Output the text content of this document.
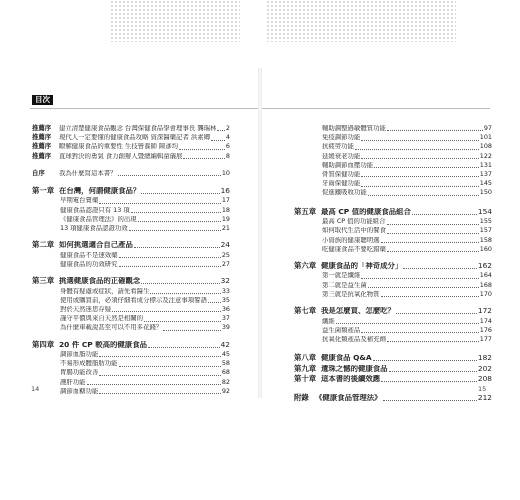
目次
推薦序	建立清楚健康食品觀念 台灣保健食品學會理事長 龔瑞林 2
推薦序	現代人一定要懂的健康食品攻略 資深醫藥記者 洪素卿 4
推薦序	瞭解健康食品的重要性 生技營養師 陳彥均	6
推薦序	直球對決的勇氣 食力創辦人暨總編輯童儀展	8
自序	我為什麼寫這本書？	10
第一章 在台灣，何謂健康食品？	16
早期電台賣藥	17
健康食品認證只有 13 項	18
《健康食品管理法》的出現	19
13 項健康食品認證功效	21
第二章 如何挑選適合自己產品	24
健康食品不是速效藥	25
健康食品的功效研究	27
第三章 挑選健康食品的正確觀念	32
身體有疑慮或症狀，請先看醫生	33
使用或購買前，必須仔細看成分標示及注意事項警語 35
對於天然迷思存疑	36
謹守平價與來自天然是相關的	37
為什麼車載說甚至可以不用多花錢？	39
第四章 20 件 CP 較高的健康食品	42
調節血脂功能	45
不易形成體脂肪功能	58
胃腸功能改善	68
護肝功能	82
調節血糖功能	92
輔助調整過敏體質功能	97
免疫調節功能	101
抗疲勞功能	108
延緩衰老功能	122
輔助調節血壓功能	131
骨質保健功能	137
牙齒保健功能	145
促進鐵吸收功能	150
第五章 最高 CP 值的健康食品組合	154
最高 CP 值的功能組合	155
如何取代生活中的餐食	157
小資族的健康聰明選	158
吃健康食品不要吃錯藥	160
第六章 健康食品的「神奇成分」	162
第一就是纖維	164
第二就是益生菌	168
第三就是抗氧化物質	170
第七章 我是怎麼買、怎麼吃？	172
纖維	174
益生菌類產品	176
抗氧化類產品及補充劑	177
第八章 健康食品 Q&A	182
第九章 遺珠之憾的健康食品	202
第十章 這本書的後續效應	208
附錄 《健康食品管理法》	212
14	15
